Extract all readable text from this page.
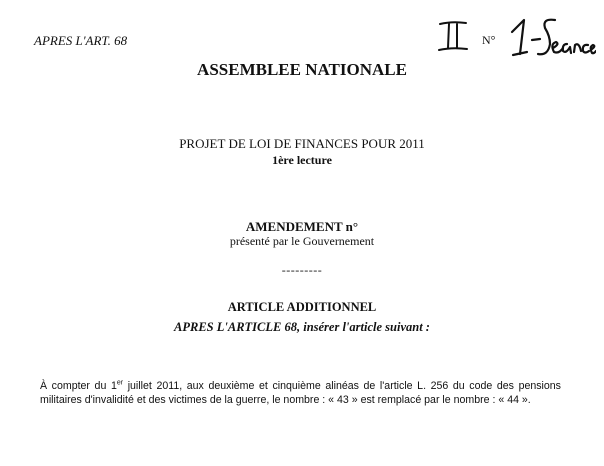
APRES L'ART. 68	N°
ASSEMBLEE NATIONALE
PROJET DE LOI DE FINANCES POUR 2011
1ère lecture
AMENDEMENT n°
présenté par le Gouvernement
---------
ARTICLE ADDITIONNEL
APRES L'ARTICLE 68, insérer l'article suivant :
À compter du 1er juillet 2011, aux deuxième et cinquième alinéas de l'article L. 256 du code des pensions militaires d'invalidité et des victimes de la guerre, le nombre : « 43 » est remplacé par le nombre : « 44 ».
